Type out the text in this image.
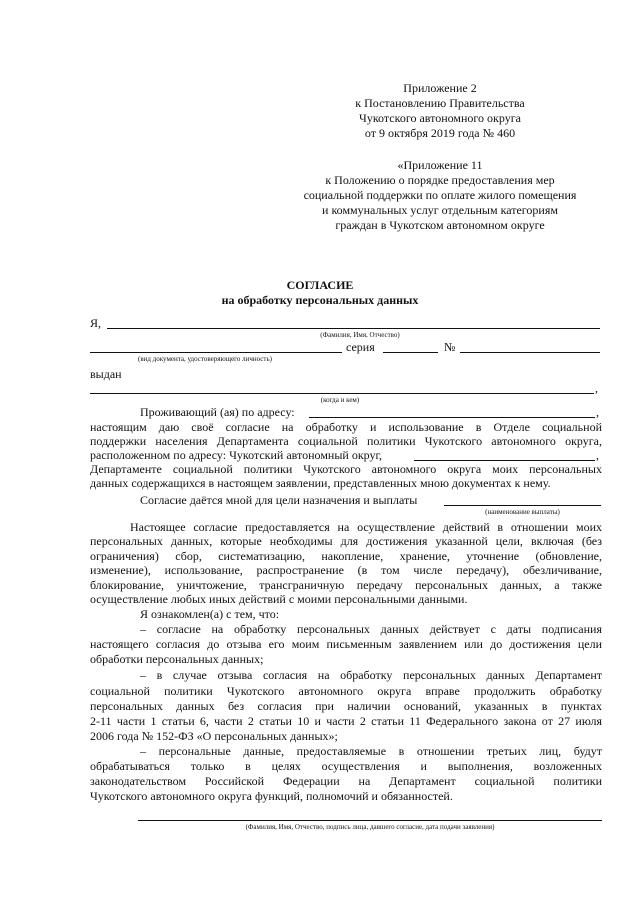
Приложение 2
к Постановлению Правительства
Чукотского автономного округа
от 9 октября 2019 года № 460
«Приложение 11
к Положению о порядке предоставления мер
социальной поддержки по оплате жилого помещения
и коммунальных услуг отдельным категориям
граждан в Чукотском автономном округе
СОГЛАСИЕ
на обработку персональных данных
Я,
(Фамилия, Имя, Отчество)
серия	№
(вид документа, удостоверяющего личность)
выдан
,
(когда и кем)
Проживающий (ая) по адресу:	,
настоящим даю своё согласие на обработку и использование в Отделе социальной
поддержки населения Департамента социальной политики Чукотского автономного округа,
расположенном по адресу: Чукотский автономный округ,	,
Департаменте социальной политики Чукотского автономного округа моих персональных
данных содержащихся в настоящем заявлении, представленных мною документах к нему.
Согласие даётся мной для цели назначения и выплаты
(наименование выплаты)
Настоящее согласие предоставляется на осуществление действий в отношении моих
персональных данных, которые необходимы для достижения указанной цели, включая (без
ограничения) сбор, систематизацию, накопление, хранение, уточнение (обновление,
изменение), использование, распространение (в том числе передачу), обезличивание,
блокирование, уничтожение, трансграничную передачу персональных данных, а также
осуществление любых иных действий с моими персональными данными.
Я ознакомлен(а) с тем, что:
– согласие на обработку персональных данных действует с даты подписания
настоящего согласия до отзыва его моим письменным заявлением или до достижения цели
обработки персональных данных;
– в случае отзыва согласия на обработку персональных данных Департамент
социальной политики Чукотского автономного округа вправе продолжить обработку
персональных данных без согласия при наличии оснований, указанных в пунктах
2-11 части 1 статьи 6, части 2 статьи 10 и части 2 статьи 11 Федерального закона от 27 июля
2006 года № 152-ФЗ «О персональных данных»;
– персональные данные, предоставляемые в отношении третьих лиц, будут
обрабатываться только в целях осуществления и выполнения, возложенных
законодательством Российской Федерации на Департамент социальной политики
Чукотского автономного округа функций, полномочий и обязанностей.
(Фамилия, Имя, Отчество, подпись лица, давшего согласие, дата подачи заявления)
